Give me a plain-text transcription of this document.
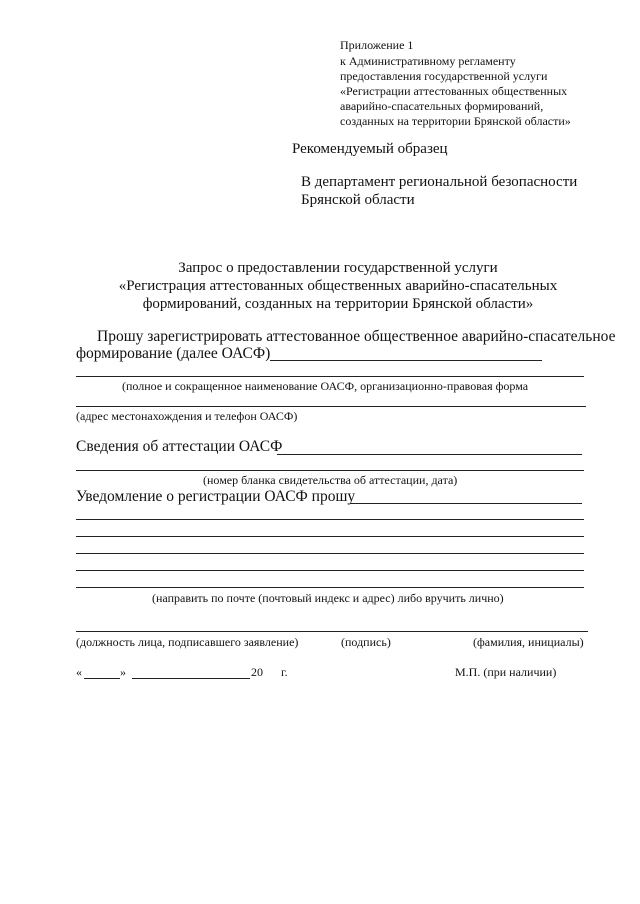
Приложение 1
к Административному регламенту
предоставления государственной услуги
«Регистрации аттестованных общественных
аварийно-спасательных формирований,
созданных на территории Брянской области»
Рекомендуемый образец
В департамент региональной безопасности
Брянской области
Запрос о предоставлении государственной услуги
«Регистрация аттестованных общественных аварийно-спасательных
формирований, созданных на территории Брянской области»
Прошу зарегистрировать аттестованное общественное аварийно-спасательное
формирование (далее ОАСФ)
(полное и сокращенное наименование ОАСФ, организационно-правовая форма
(адрес местонахождения и телефон ОАСФ)
Сведения об аттестации ОАСФ
(номер бланка свидетельства об аттестации, дата)
Уведомление о регистрации ОАСФ прошу
(направить по почте (почтовый индекс и адрес) либо вручить лично)
(должность лица, подписавшего заявление)	(подпись)	(фамилия, инициалы)
«	»	20 г.	М.П. (при наличии)
